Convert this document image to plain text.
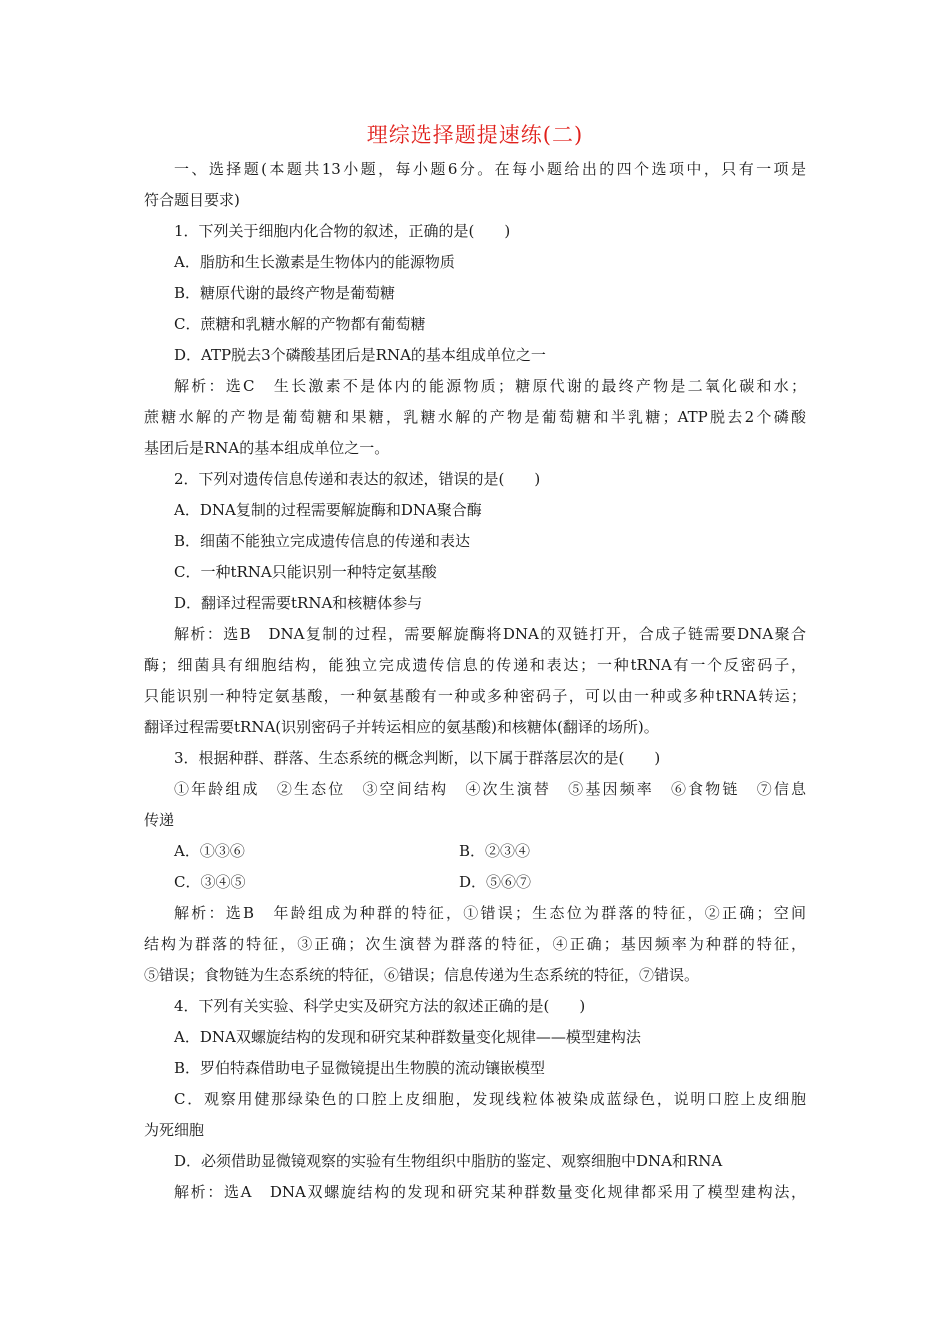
理综选择题提速练(二)
一、选择题(本题共13小题，每小题6分。在每小题给出的四个选项中，只有一项是
符合题目要求)
1．下列关于细胞内化合物的叙述，正确的是(　　)
A．脂肪和生长激素是生物体内的能源物质
B．糖原代谢的最终产物是葡萄糖
C．蔗糖和乳糖水解的产物都有葡萄糖
D．ATP脱去3个磷酸基团后是RNA的基本组成单位之一
解析：选C　生长激素不是体内的能源物质；糖原代谢的最终产物是二氧化碳和水；
蔗糖水解的产物是葡萄糖和果糖，乳糖水解的产物是葡萄糖和半乳糖；ATP脱去2个磷酸
基团后是RNA的基本组成单位之一。
2．下列对遗传信息传递和表达的叙述，错误的是(　　)
A．DNA复制的过程需要解旋酶和DNA聚合酶
B．细菌不能独立完成遗传信息的传递和表达
C．一种tRNA只能识别一种特定氨基酸
D．翻译过程需要tRNA和核糖体参与
解析：选B　DNA复制的过程，需要解旋酶将DNA的双链打开，合成子链需要DNA聚合
酶；细菌具有细胞结构，能独立完成遗传信息的传递和表达；一种tRNA有一个反密码子，
只能识别一种特定氨基酸，一种氨基酸有一种或多种密码子，可以由一种或多种tRNA转运；
翻译过程需要tRNA(识别密码子并转运相应的氨基酸)和核糖体(翻译的场所)。
3．根据种群、群落、生态系统的概念判断，以下属于群落层次的是(　　)
①年龄组成　②生态位　③空间结构　④次生演替　⑤基因频率　⑥食物链　⑦信息
传递
A．①③⑥	B．②③④
C．③④⑤	D．⑤⑥⑦
解析：选B　年龄组成为种群的特征，①错误；生态位为群落的特征，②正确；空间
结构为群落的特征，③正确；次生演替为群落的特征，④正确；基因频率为种群的特征，
⑤错误；食物链为生态系统的特征，⑥错误；信息传递为生态系统的特征，⑦错误。
4．下列有关实验、科学史实及研究方法的叙述正确的是(　　)
A．DNA双螺旋结构的发现和研究某种群数量变化规律——模型建构法
B．罗伯特森借助电子显微镜提出生物膜的流动镶嵌模型
C．观察用健那绿染色的口腔上皮细胞，发现线粒体被染成蓝绿色，说明口腔上皮细胞
为死细胞
D．必须借助显微镜观察的实验有生物组织中脂肪的鉴定、观察细胞中DNA和RNA
解析：选A　DNA双螺旋结构的发现和研究某种群数量变化规律都采用了模型建构法，
